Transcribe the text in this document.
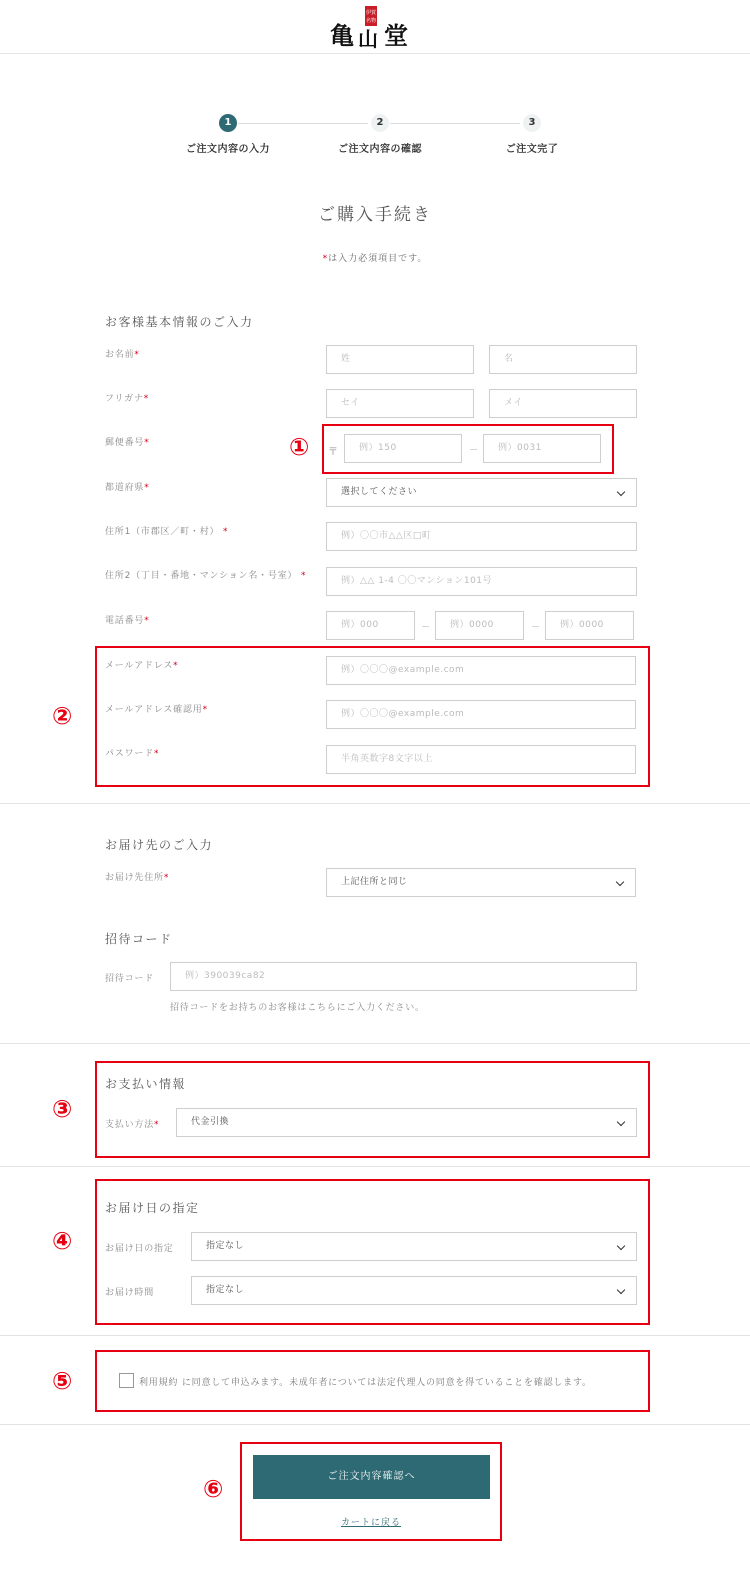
伊賀
名物
亀 山 堂
1
ご注文内容の入力
2
ご注文内容の確認
3
ご注文完了
ご購入手続き
*は入力必須項目です。
お客様基本情報のご入力
お名前*	姓	名
フリガナ*	セイ	メイ
郵便番号*	① 〒	例）150	－	例）0031
都道府県*	選択してください
住所1（市郡区／町・村） *	例）〇〇市△△区□町
住所2（丁目・番地・マンション名・号室） *	例）△△ 1-4 〇〇マンション101号
電話番号*	例）000	－	例）0000	－	例）0000
②
メールアドレス*	例）〇〇〇@example.com
メールアドレス確認用*	例）〇〇〇@example.com
パスワード*	半角英数字8文字以上
お届け先のご入力
お届け先住所*	上記住所と同じ
招待コード
招待コード	例）390039ca82
招待コードをお持ちのお客様はこちらにご入力ください。
③
お支払い情報
支払い方法*	代金引換
④
お届け日の指定
お届け日の指定	指定なし
お届け時間	指定なし
⑤	利用規約 に同意して申込みます。未成年者については法定代理人の同意を得ていることを確認します。
⑥	ご注文内容確認へ
カートに戻る
